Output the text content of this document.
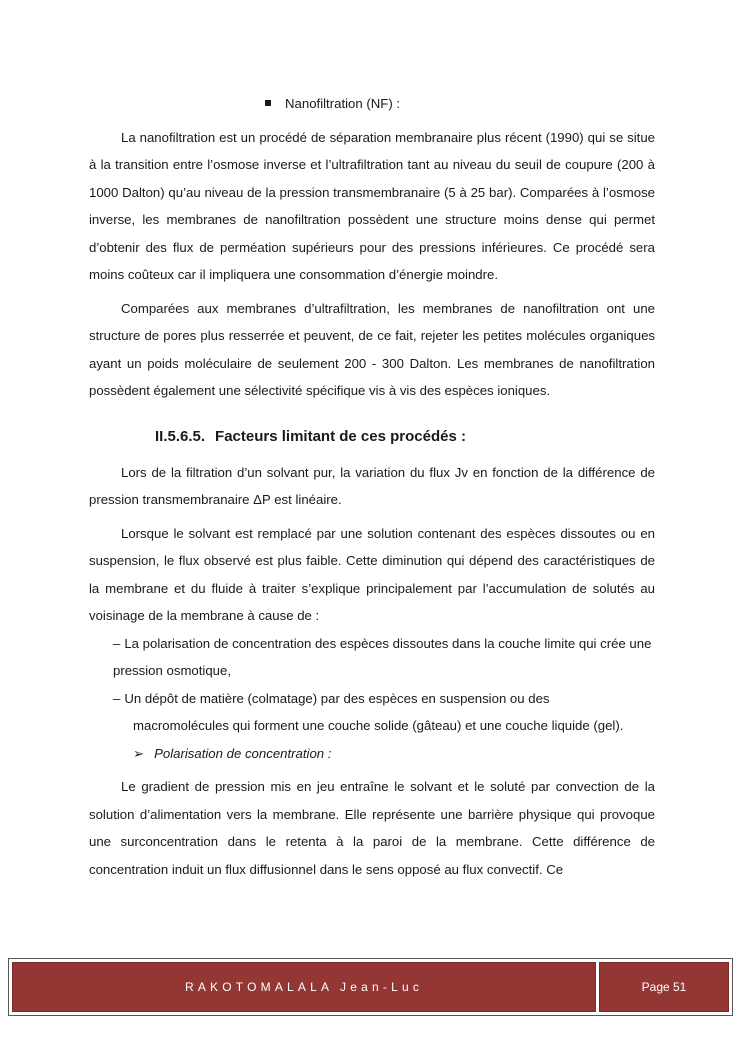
Nanofiltration (NF) :

La nanofiltration est un procédé de séparation membranaire plus récent (1990) qui se situe à la transition entre l’osmose inverse et l’ultrafiltration tant au niveau du seuil de coupure (200 à 1000 Dalton) qu’au niveau de la pression transmembranaire (5 à 25 bar). Comparées à l’osmose inverse, les membranes de nanofiltration possèdent une structure moins dense qui permet d’obtenir des flux de perméation supérieurs pour des pressions inférieures. Ce procédé sera moins coûteux car il impliquera une consommation d’énergie moindre.

Comparées aux membranes d’ultrafiltration, les membranes de nanofiltration ont une structure de pores plus resserrée et peuvent, de ce fait, rejeter les petites molécules organiques ayant un poids moléculaire de seulement 200 - 300 Dalton. Les membranes de nanofiltration possèdent également une sélectivité spécifique vis à vis des espèces ioniques.

II.5.6.5. Facteurs limitant de ces procédés :

Lors de la filtration d’un solvant pur, la variation du flux Jv en fonction de la différence de pression transmembranaire ΔP est linéaire.

Lorsque le solvant est remplacé par une solution contenant des espèces dissoutes ou en suspension, le flux observé est plus faible. Cette diminution qui dépend des caractéristiques de la membrane et du fluide à traiter s’explique principalement par l’accumulation de solutés au voisinage de la membrane à cause de :

– La polarisation de concentration des espèces dissoutes dans la couche limite qui crée une pression osmotique,

– Un dépôt de matière (colmatage) par des espèces en suspension ou des

macromolécules qui forment une couche solide (gâteau) et une couche liquide (gel).

➢ Polarisation de concentration :

Le gradient de pression mis en jeu entraîne le solvant et le soluté par convection de la solution d’alimentation vers la membrane. Elle représente une barrière physique qui provoque une surconcentration dans le retenta à la paroi de la membrane. Cette différence de concentration induit un flux diffusionnel dans le sens opposé au flux convectif. Ce

RAKOTOMALALA Jean-Luc	Page 51
